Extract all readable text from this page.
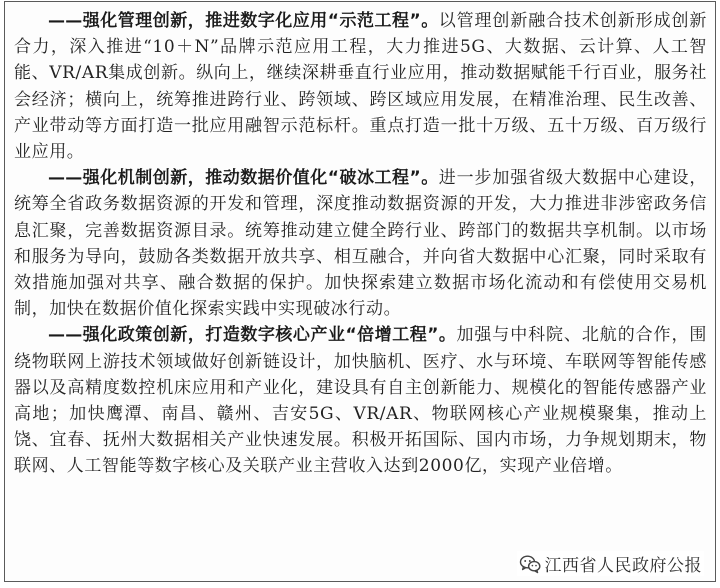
——强化管理创新，推进数字化应用“示范工程”。以管理创新融合技术创新形成创新合力，深入推进“10＋N”品牌示范应用工程，大力推进5G、大数据、云计算、人工智能、VR/AR集成创新。纵向上，继续深耕垂直行业应用，推动数据赋能千行百业，服务社会经济；横向上，统筹推进跨行业、跨领域、跨区域应用发展，在精准治理、民生改善、产业带动等方面打造一批应用融智示范标杆。重点打造一批十万级、五十万级、百万级行业应用。

——强化机制创新，推动数据价值化“破冰工程”。进一步加强省级大数据中心建设，统筹全省政务数据资源的开发和管理，深度推动数据资源的开发，大力推进非涉密政务信息汇聚，完善数据资源目录。统筹推动建立健全跨行业、跨部门的数据共享机制。以市场和服务为导向，鼓励各类数据开放共享、相互融合，并向省大数据中心汇聚，同时采取有效措施加强对共享、融合数据的保护。加快探索建立数据市场化流动和有偿使用交易机制，加快在数据价值化探索实践中实现破冰行动。

——强化政策创新，打造数字核心产业“倍增工程”。加强与中科院、北航的合作，围绕物联网上游技术领域做好创新链设计，加快脑机、医疗、水与环境、车联网等智能传感器以及高精度数控机床应用和产业化，建设具有自主创新能力、规模化的智能传感器产业高地；加快鹰潭、南昌、赣州、吉安5G、VR/AR、物联网核心产业规模聚集，推动上饶、宜春、抚州大数据相关产业快速发展。积极开拓国际、国内市场，力争规划期末，物联网、人工智能等数字核心及关联产业主营收入达到2000亿，实现产业倍增。

江西省人民政府公报
